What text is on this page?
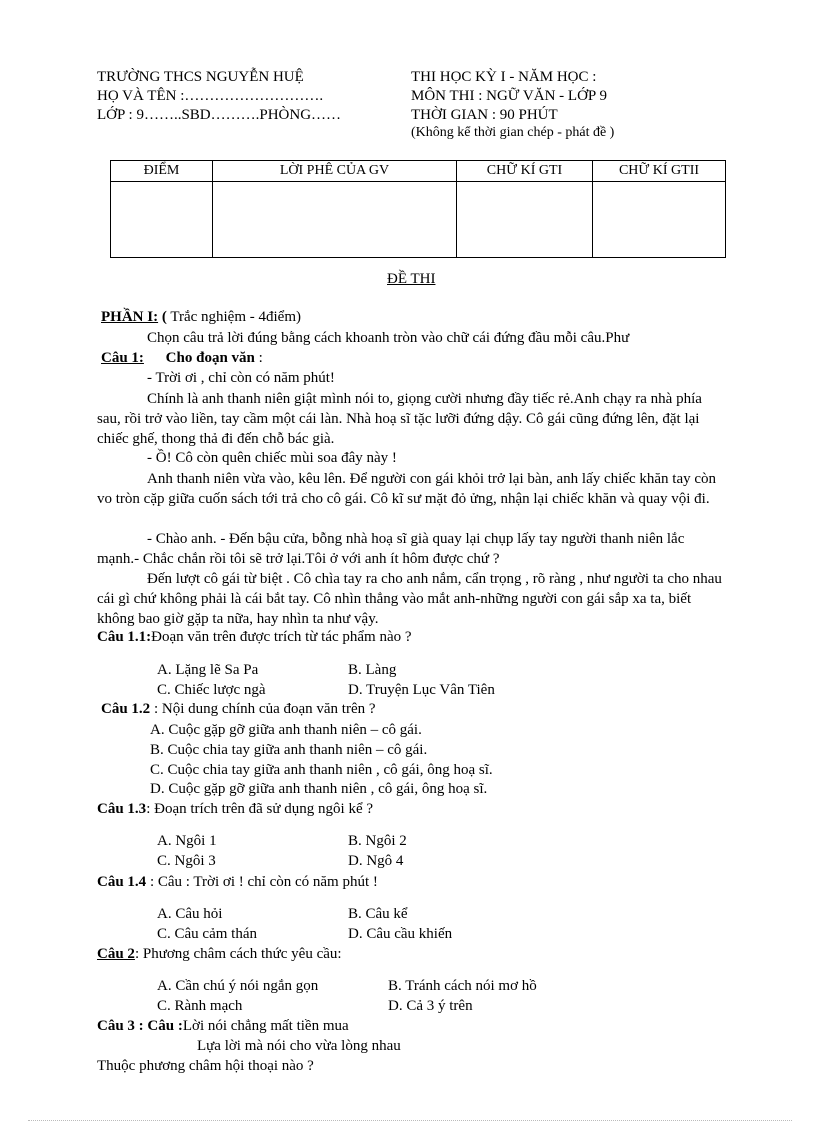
TRƯỜNG THCS NGUYỄN HUỆ
HỌ VÀ TÊN :……………………….
LỚP : 9……..SBD……….PHÒNG……
THI HỌC KỲ I - NĂM HỌC :
MÔN THI : NGỮ VĂN - LỚP 9
THỜI GIAN : 90 PHÚT
(Không kể thời gian chép - phát đề )
ĐIỂM	LỜI PHÊ CỦA GV	CHỮ KÍ GTI	CHỮ KÍ GTII

ĐỀ THI
PHẦN I: ( Trắc nghiệm - 4điểm)
Chọn câu trả lời đúng bằng cách khoanh tròn vào chữ cái đứng đầu mỗi câu.Phư
Câu 1: Cho đoạn văn :
- Trời ơi , chỉ còn có năm phút!
Chính là anh thanh niên giật mình nói to, giọng cười nhưng đầy tiếc rẻ.Anh chạy ra nhà phía sau, rồi trở vào liền, tay cầm một cái làn. Nhà hoạ sĩ tặc lưỡi đứng dậy. Cô gái cũng đứng lên, đặt lại chiếc ghế, thong thả đi đến chỗ bác già.
- Ồ! Cô còn quên chiếc mùi soa đây này !
Anh thanh niên vừa vào, kêu lên. Để người con gái khỏi trở lại bàn, anh lấy chiếc khăn tay còn vo tròn cặp giữa cuốn sách tới trả cho cô gái. Cô kĩ sư mặt đỏ ửng, nhận lại chiếc khăn và quay vội đi.
- Chào anh. - Đến bậu cửa, bỗng nhà hoạ sĩ già quay lại chụp lấy tay người thanh niên lắc mạnh.- Chắc chắn rồi tôi sẽ trở lại.Tôi ở với anh ít hôm được chứ ?
Đến lượt cô gái từ biệt . Cô chìa tay ra cho anh nắm, cẩn trọng , rõ ràng , như người ta cho nhau cái gì chứ không phải là cái bắt tay. Cô nhìn thẳng vào mắt anh-những người con gái sắp xa ta, biết không bao giờ gặp ta nữa, hay nhìn ta như vậy.
Câu 1.1:Đoạn văn trên được trích từ tác phẩm nào ?
A. Lặng lẽ Sa Pa	B. Làng
C. Chiếc lược ngà	D. Truyện Lục Vân Tiên
Câu 1.2 : Nội dung chính của đoạn văn trên ?
A. Cuộc gặp gỡ giữa anh thanh niên – cô gái.
B. Cuộc chia tay giữa anh thanh niên – cô gái.
C. Cuộc chia tay giữa anh thanh niên , cô gái, ông hoạ sĩ.
D. Cuộc gặp gỡ giữa anh thanh niên , cô gái, ông hoạ sĩ.
Câu 1.3: Đoạn trích trên đã sử dụng ngôi kể ?
A. Ngôi 1	B. Ngôi 2
C. Ngôi 3	D. Ngô 4
Câu 1.4 : Câu : Trời ơi ! chỉ còn có năm phút !
A. Câu hỏi	B. Câu kể
C. Câu cảm thán	D. Câu cầu khiến
Câu 2: Phương châm cách thức yêu cầu:
A. Cần chú ý nói ngắn gọn	B. Tránh cách nói mơ hồ
C. Rành mạch	D. Cả 3 ý trên
Câu 3 : Câu :Lời nói chẳng mất tiền mua
Lựa lời mà nói cho vừa lòng nhau
Thuộc phương châm hội thoại nào ?
